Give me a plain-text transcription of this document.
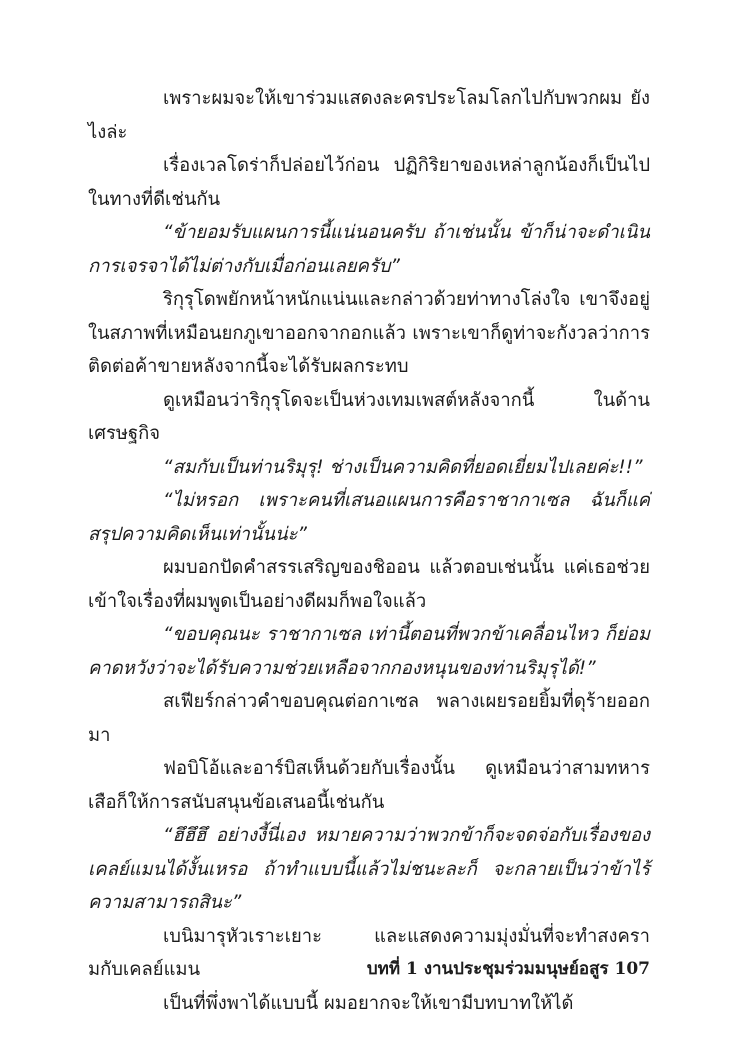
เพราะผมจะให้เขาร่วมแสดงละครประโลมโลกไปกับพวกผม ยังไงล่ะ

เรื่องเวลโดร่าก็ปล่อยไว้ก่อน ปฏิกิริยาของเหล่าลูกน้องก็เป็นไปในทางที่ดีเช่นกัน

“ข้ายอมรับแผนการนี้แน่นอนครับ ถ้าเช่นนั้น ข้าก็น่าจะดำเนินการเจรจาได้ไม่ต่างกับเมื่อก่อนเลยครับ”

ริกุรุโดพยักหน้าหนักแน่นและกล่าวด้วยท่าทางโล่งใจ เขาจึงอยู่ในสภาพที่เหมือนยกภูเขาออกจากอกแล้ว เพราะเขาก็ดูท่าจะกังวลว่าการติดต่อค้าขายหลังจากนี้จะได้รับผลกระทบ

ดูเหมือนว่าริกุรุโดจะเป็นห่วงเทมเพสต์หลังจากนี้ ในด้านเศรษฐกิจ

“สมกับเป็นท่านริมุรุ! ช่างเป็นความคิดที่ยอดเยี่ยมไปเลยค่ะ!!”

“ไม่หรอก เพราะคนที่เสนอแผนการคือราชากาเซล ฉันก็แค่สรุปความคิดเห็นเท่านั้นน่ะ”

ผมบอกปัดคำสรรเสริญของชิออน แล้วตอบเช่นนั้น แค่เธอช่วยเข้าใจเรื่องที่ผมพูดเป็นอย่างดีผมก็พอใจแล้ว

“ขอบคุณนะ ราชากาเซล เท่านี้ตอนที่พวกข้าเคลื่อนไหว ก็ย่อมคาดหวังว่าจะได้รับความช่วยเหลือจากกองหนุนของท่านริมุรุได้!”

สเฟียร์กล่าวคำขอบคุณต่อกาเซล พลางเผยรอยยิ้มที่ดุร้ายออกมา

ฟอบิโอ้และอาร์บิสเห็นด้วยกับเรื่องนั้น ดูเหมือนว่าสามทหารเสือก็ให้การสนับสนุนข้อเสนอนี้เช่นกัน

“ฮึฮึฮึ อย่างงี้นี่เอง หมายความว่าพวกข้าก็จะจดจ่อกับเรื่องของเคลย์แมนได้งั้นเหรอ ถ้าทำแบบนี้แล้วไม่ชนะละก็ จะกลายเป็นว่าข้าไร้ความสามารถสินะ”

เบนิมารุหัวเราะเยาะ และแสดงความมุ่งมั่นที่จะทำสงครามกับเคลย์แมน

เป็นที่พึ่งพาได้แบบนี้ ผมอยากจะให้เขามีบทบาทให้ได้

บทที่ 1 งานประชุมร่วมมนุษย์อสูร 107
